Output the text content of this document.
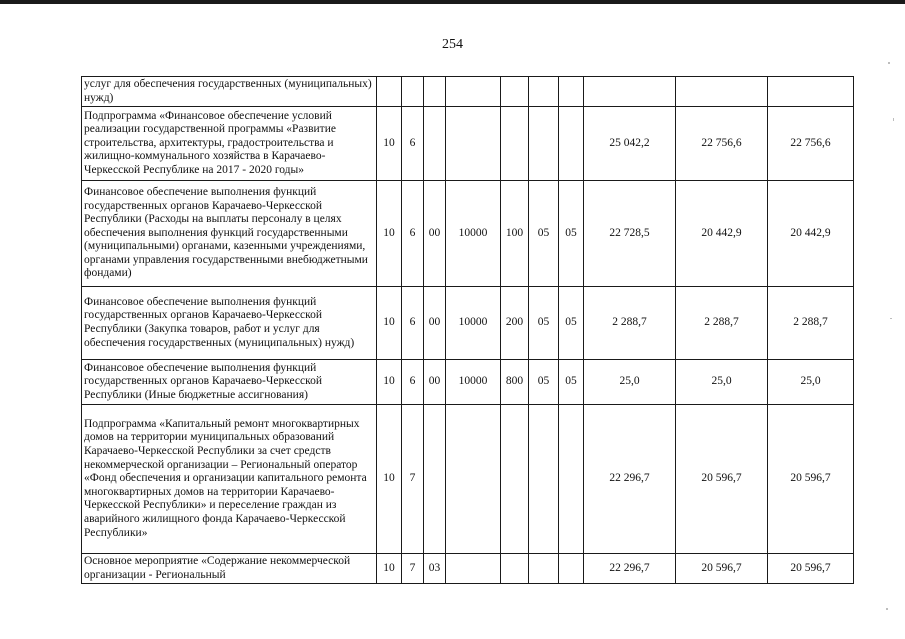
254
услуг для обеспечения государственных (муниципальных) нужд)										
Подпрограмма «Финансовое обеспечение условий реализации государственной программы «Развитие строительства, архитектуры, градостроительства и жилищно-коммунального хозяйства в Карачаево-Черкесской Республике на 2017 - 2020 годы»	10	6						25 042,2	22 756,6	22 756,6
Финансовое обеспечение выполнения функций государственных органов Карачаево-Черкесской Республики (Расходы на выплаты персоналу в целях обеспечения выполнения функций государственными (муниципальными) органами, казенными учреждениями, органами управления государственными внебюджетными фондами)	10	6	00	10000	100	05	05	22 728,5	20 442,9	20 442,9
Финансовое обеспечение выполнения функций государственных органов Карачаево-Черкесской Республики (Закупка товаров, работ и услуг для обеспечения государственных (муниципальных) нужд)	10	6	00	10000	200	05	05	2 288,7	2 288,7	2 288,7
Финансовое обеспечение выполнения функций государственных органов Карачаево-Черкесской Республики (Иные бюджетные ассигнования)	10	6	00	10000	800	05	05	25,0	25,0	25,0
Подпрограмма «Капитальный ремонт многоквартирных домов на территории муниципальных образований Карачаево-Черкесской Республики за счет средств некоммерческой организации – Региональный оператор «Фонд обеспечения и организации капитального ремонта многоквартирных домов на территории Карачаево-Черкесской Республики» и переселение граждан из аварийного жилищного фонда Карачаево-Черкесской Республики»	10	7						22 296,7	20 596,7	20 596,7
Основное мероприятие «Содержание некоммерческой организации - Региональный	10	7	03					22 296,7	20 596,7	20 596,7
